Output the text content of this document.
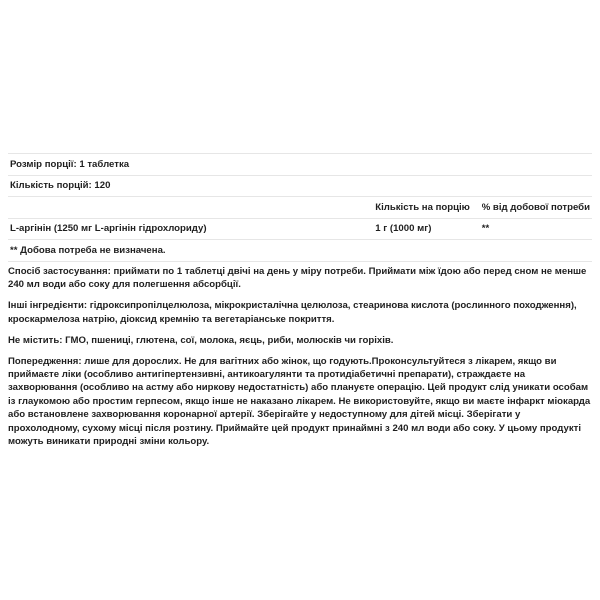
Розмір порції: 1 таблетка		
Кількість порцій: 120		
	Кількість на порцію	% від добової потреби
L-аргінін (1250 мг L-аргінін гідрохлориду)	1 г (1000 мг)	**
** Добова потреба не визначена.		

Спосіб застосування: приймати по 1 таблетці двічі на день у міру потреби. Приймати між їдою або перед сном не менше 240 мл води або соку для полегшення абсорбції.

Інші інгредієнти: гідроксипропілцелюлоза, мікрокристалічна целюлоза, стеаринова кислота (рослинного походження), кроскармелоза натрію, діоксид кремнію та вегетаріанське покриття.

Не містить: ГМО, пшениці, глютена, сої, молока, яєць, риби, молюсків чи горіхів.

Попередження: лише для дорослих. Не для вагітних або жінок, що годують.Проконсультуйтеся з лікарем, якщо ви приймаєте ліки (особливо антигіпертензивні, антикоагулянти та протидіабетичні препарати), страждаєте на захворювання (особливо на астму або ниркову недостатність) або плануєте операцію. Цей продукт слід уникати особам із глаукомою або простим герпесом, якщо інше не наказано лікарем. Не використовуйте, якщо ви маєте інфаркт міокарда або встановлене захворювання коронарної артерії. Зберігайте у недоступному для дітей місці. Зберігати у прохолодному, сухому місці після розтину. Приймайте цей продукт принаймні з 240 мл води або соку. У цьому продукті можуть виникати природні зміни кольору.
